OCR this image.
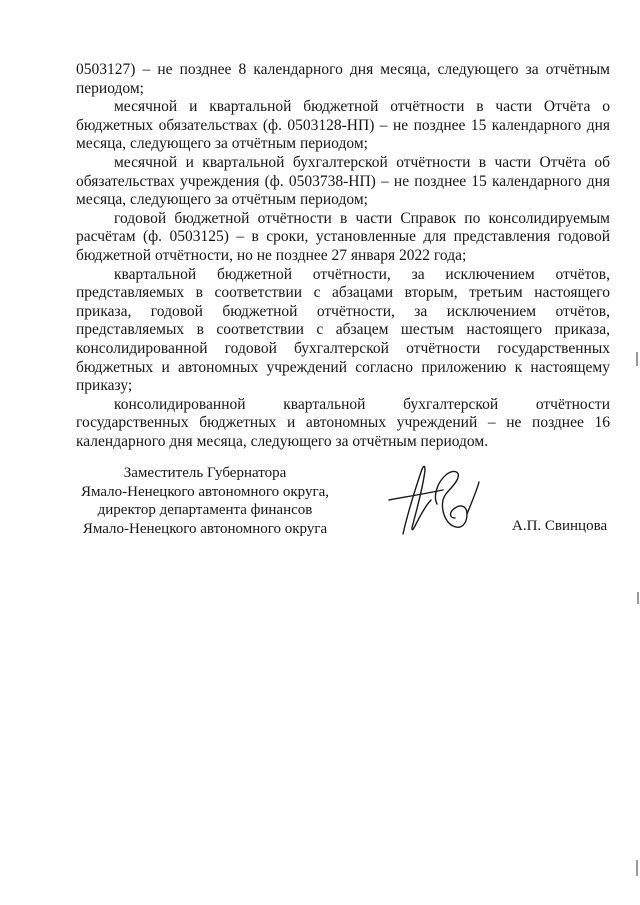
0503127) – не позднее 8 календарного дня месяца, следующего за отчётным периодом;

месячной и квартальной бюджетной отчётности в части Отчёта о бюджетных обязательствах (ф. 0503128-НП) – не позднее 15 календарного дня месяца, следующего за отчётным периодом;

месячной и квартальной бухгалтерской отчётности в части Отчёта об обязательствах учреждения (ф. 0503738-НП) – не позднее 15 календарного дня месяца, следующего за отчётным периодом;

годовой бюджетной отчётности в части Справок по консолидируемым расчётам (ф. 0503125) – в сроки, установленные для представления годовой бюджетной отчётности, но не позднее 27 января 2022 года;

квартальной бюджетной отчётности, за исключением отчётов, представляемых в соответствии с абзацами вторым, третьим настоящего приказа, годовой бюджетной отчётности, за исключением отчётов, представляемых в соответствии с абзацем шестым настоящего приказа, консолидированной годовой бухгалтерской отчётности государственных бюджетных и автономных учреждений согласно приложению к настоящему приказу;

консолидированной квартальной бухгалтерской отчётности государственных бюджетных и автономных учреждений – не позднее 16 календарного дня месяца, следующего за отчётным периодом.

Заместитель Губернатора
Ямало-Ненецкого автономного округа,
директор департамента финансов
Ямало-Ненецкого автономного округа	А.П. Свинцова
